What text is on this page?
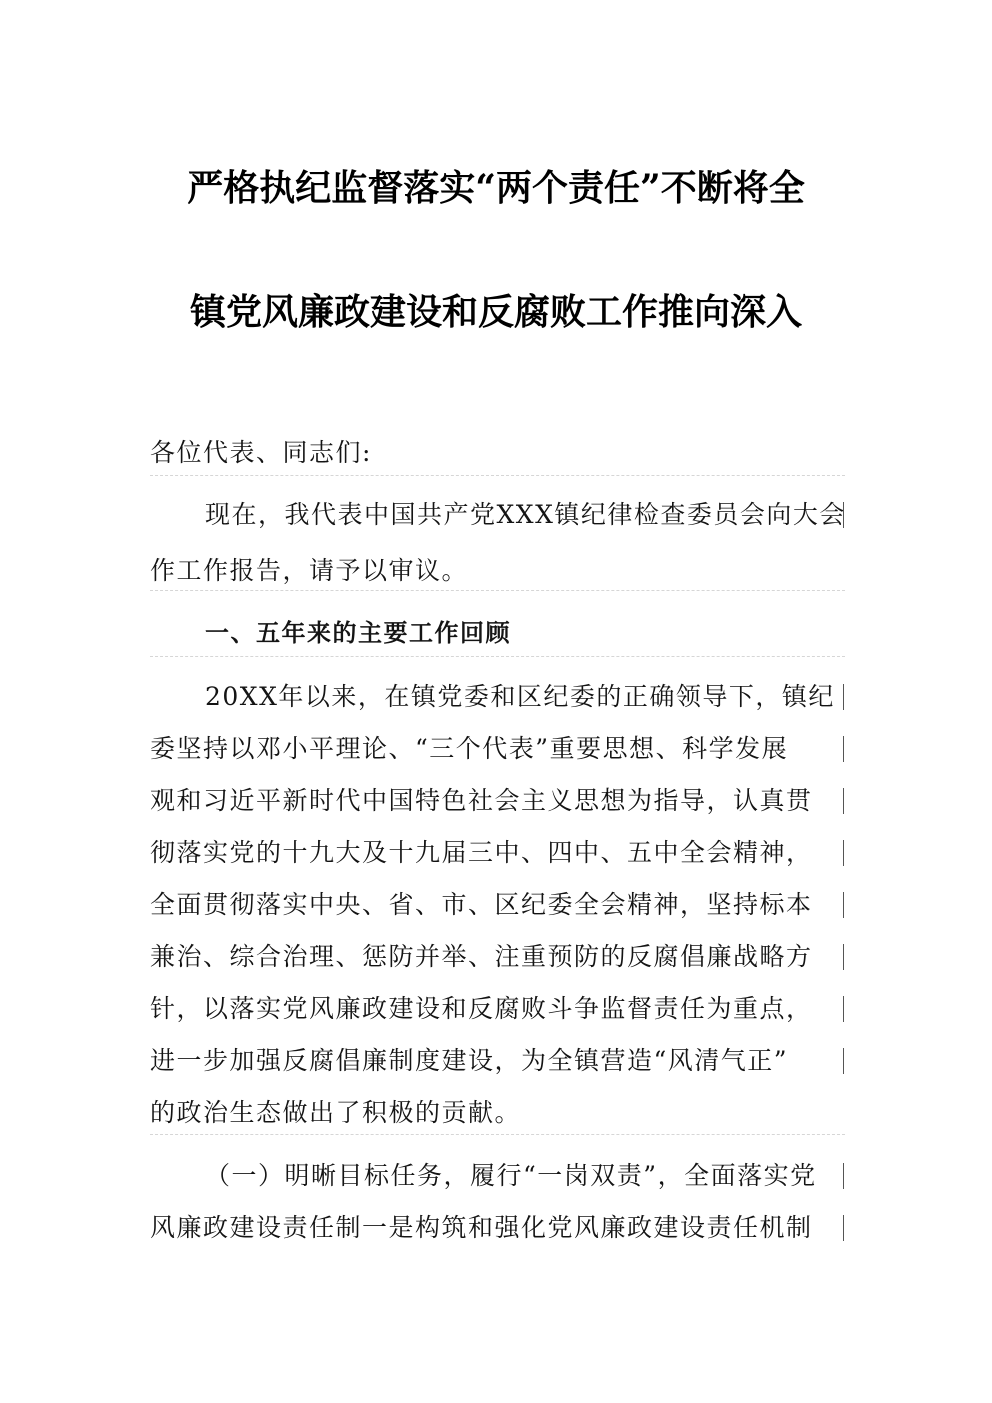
严格执纪监督落实“两个责任”不断将全
镇党风廉政建设和反腐败工作推向深入
各位代表、同志们:
现在，我代表中国共产党XXX镇纪律检查委员会向大会
作工作报告，请予以审议。
一、五年来的主要工作回顾
20XX年以来，在镇党委和区纪委的正确领导下，镇纪
委坚持以邓小平理论、“三个代表”重要思想、科学发展
观和习近平新时代中国特色社会主义思想为指导，认真贯
彻落实党的十九大及十九届三中、四中、五中全会精神，
全面贯彻落实中央、省、市、区纪委全会精神，坚持标本
兼治、综合治理、惩防并举、注重预防的反腐倡廉战略方
针，以落实党风廉政建设和反腐败斗争监督责任为重点，
进一步加强反腐倡廉制度建设，为全镇营造“风清气正”
的政治生态做出了积极的贡献。
（一）明晰目标任务，履行“一岗双责”，全面落实党
风廉政建设责任制一是构筑和强化党风廉政建设责任机制
